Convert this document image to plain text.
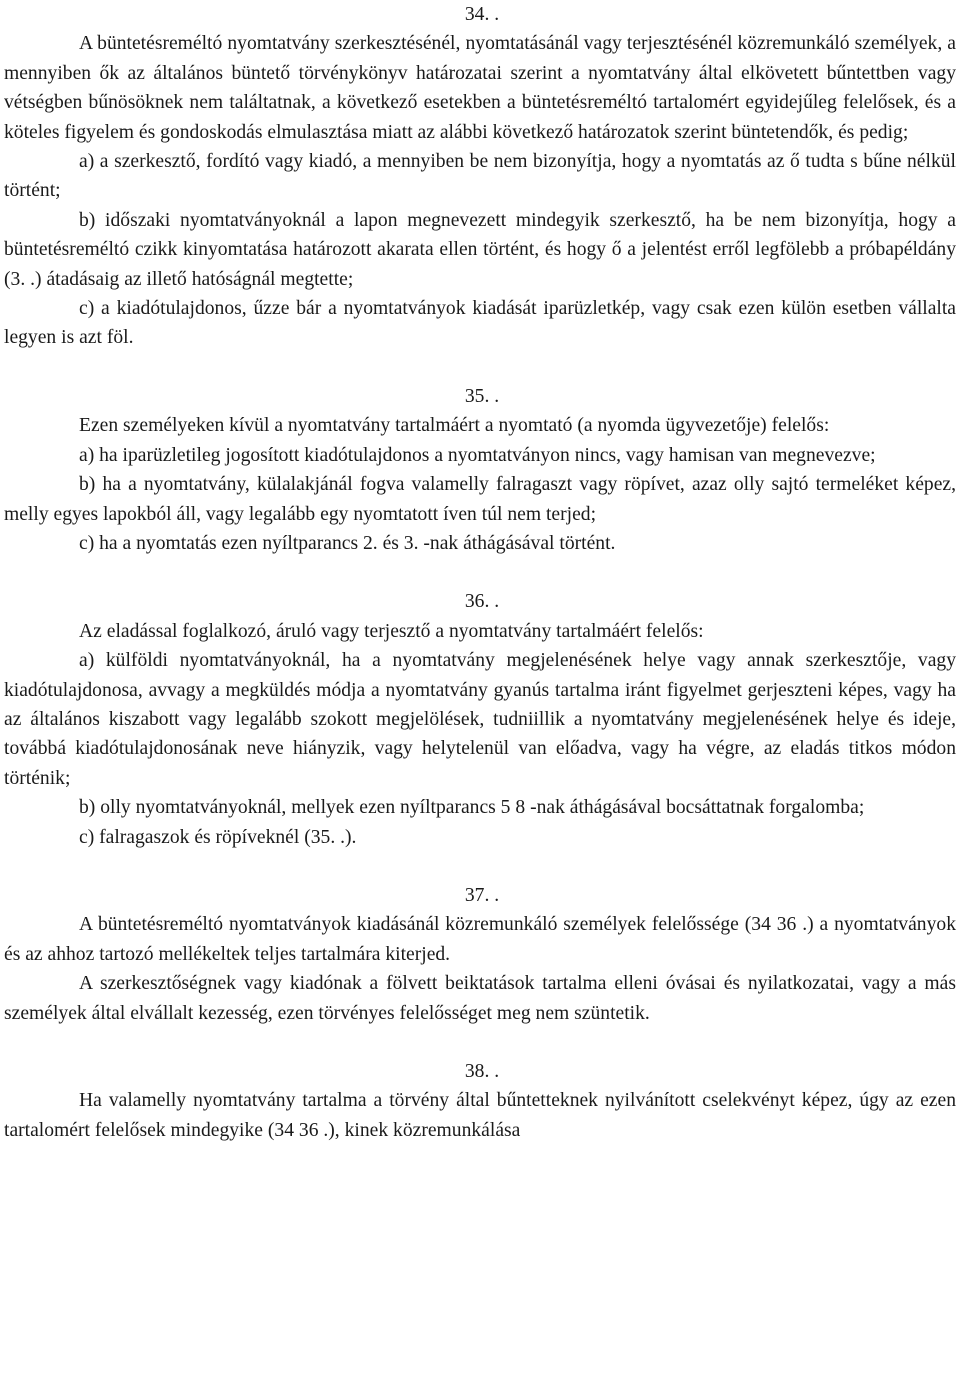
34. .

A büntetésreméltó nyomtatvány szerkesztésénél, nyomtatásánál vagy terjesztésénél közremunkáló személyek, a mennyiben ők az általános büntető törvénykönyv határozatai szerint a nyomtatvány által elkövetett bűntettben vagy vétségben bűnösöknek nem találtatnak, a következő esetekben a büntetésreméltó tartalomért egyidejűleg felelősek, és a köteles figyelem és gondoskodás elmulasztása miatt az alábbi következő határozatok szerint büntetendők, és pedig;

a) a szerkesztő, fordító vagy kiadó, a mennyiben be nem bizonyítja, hogy a nyomtatás az ő tudta s bűne nélkül történt;

b) időszaki nyomtatványoknál a lapon megnevezett mindegyik szerkesztő, ha be nem bizonyítja, hogy a büntetésreméltó czikk kinyomtatása határozott akarata ellen történt, és hogy ő a jelentést erről legfölebb a próbapéldány (3. .) átadásaig az illető hatóságnál megtette;

c) a kiadótulajdonos, űzze bár a nyomtatványok kiadását iparüzletkép, vagy csak ezen külön esetben vállalta legyen is azt föl.

35. .

Ezen személyeken kívül a nyomtatvány tartalmáért a nyomtató (a nyomda ügyvezetője) felelős:

a) ha iparüzletileg jogosított kiadótulajdonos a nyomtatványon nincs, vagy hamisan van megnevezve;

b) ha a nyomtatvány, külalakjánál fogva valamelly falragaszt vagy röpívet, azaz olly sajtó termeléket képez, melly egyes lapokból áll, vagy legalább egy nyomtatott íven túl nem terjed;

c) ha a nyomtatás ezen nyíltparancs 2. és 3. -nak áthágásával történt.

36. .

Az eladással foglalkozó, áruló vagy terjesztő a nyomtatvány tartalmáért felelős:

a) külföldi nyomtatványoknál, ha a nyomtatvány megjelenésének helye vagy annak szerkesztője, vagy kiadótulajdonosa, avvagy a megküldés módja a nyomtatvány gyanús tartalma iránt figyelmet gerjeszteni képes, vagy ha az általános kiszabott vagy legalább szokott megjelölések, tudniillik a nyomtatvány megjelenésének helye és ideje, továbbá kiadótulajdonosának neve hiányzik, vagy helytelenül van előadva, vagy ha végre, az eladás titkos módon történik;

b) olly nyomtatványoknál, mellyek ezen nyíltparancs 5 8 -nak áthágásával bocsáttatnak forgalomba;

c) falragaszok és röpíveknél (35. .).

37. .

A büntetésreméltó nyomtatványok kiadásánál közremunkáló személyek felelőssége (34 36 .) a nyomtatványok és az ahhoz tartozó mellékeltek teljes tartalmára kiterjed.

A szerkesztőségnek vagy kiadónak a fölvett beiktatások tartalma elleni óvásai és nyilatkozatai, vagy a más személyek által elvállalt kezesség, ezen törvényes felelősséget meg nem szüntetik.

38. .

Ha valamelly nyomtatvány tartalma a törvény által bűntetteknek nyilvánított cselekvényt képez, úgy az ezen tartalomért felelősek mindegyike (34 36 .), kinek közremunkálása
